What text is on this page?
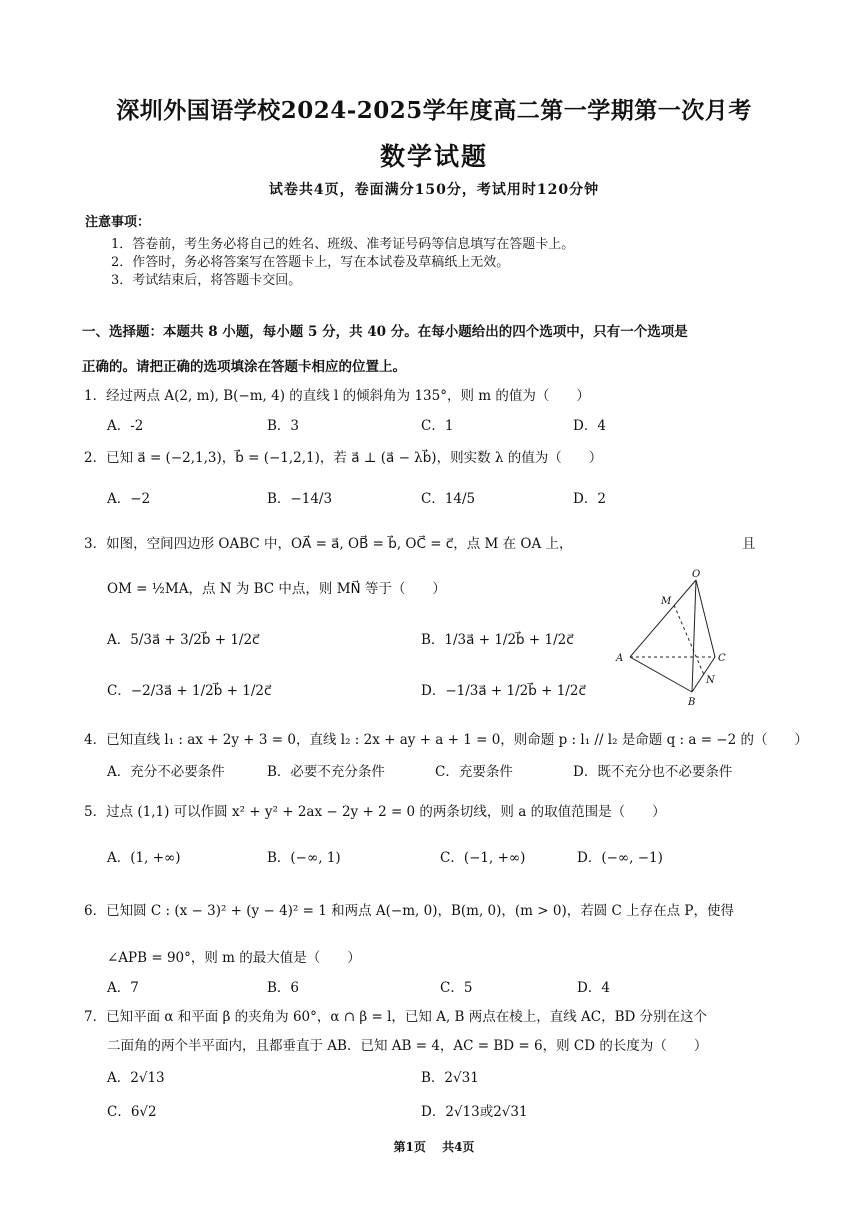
深圳外国语学校2024-2025学年度高二第一学期第一次月考
数学试题
试卷共4页，卷面满分150分，考试用时120分钟
注意事项：
1．答卷前，考生务必将自己的姓名、班级、准考证号码等信息填写在答题卡上。
2．作答时，务必将答案写在答题卡上，写在本试卷及草稿纸上无效。
3．考试结束后，将答题卡交回。
一、选择题：本题共 8 小题，每小题 5 分，共 40 分。在每小题给出的四个选项中，只有一个选项是
正确的。请把正确的选项填涂在答题卡相应的位置上。
1．经过两点 A(2, m), B(−m, 4) 的直线 l 的倾斜角为 135°，则 m 的值为（　　）
A．-2	B．3	C．1	D．4
2．已知 a⃗ = (−2,1,3)，b⃗ = (−1,2,1)，若 a⃗ ⊥ (a⃗ − λb⃗)，则实数 λ 的值为（　　）
A．−2	B．−14/3	C．14/5	D．2
3．如图，空间四边形 OABC 中，OA⃗ = a⃗, OB⃗ = b⃗, OC⃗ = c⃗，点 M 在 OA 上，	且
OM = ½MA，点 N 为 BC 中点，则 MN⃗ 等于（　　）
A．5/3a⃗ + 3/2b⃗ + 1/2c⃗	B．1/3a⃗ + 1/2b⃗ + 1/2c⃗
C．−2/3a⃗ + 1/2b⃗ + 1/2c⃗	D．−1/3a⃗ + 1/2b⃗ + 1/2c⃗
O
M
A	C
N
B
4．已知直线 l₁ : ax + 2y + 3 = 0，直线 l₂ : 2x + ay + a + 1 = 0，则命题 p : l₁ // l₂ 是命题 q : a = −2 的（　　）
A．充分不必要条件	B．必要不充分条件	C．充要条件	D．既不充分也不必要条件
5．过点 (1,1) 可以作圆 x² + y² + 2ax − 2y + 2 = 0 的两条切线，则 a 的取值范围是（　　）
A．(1, +∞)	B．(−∞, 1)	C．(−1, +∞)	D．(−∞, −1)
6．已知圆 C : (x − 3)² + (y − 4)² = 1 和两点 A(−m, 0)，B(m, 0)，(m > 0)，若圆 C 上存在点 P，使得
∠APB = 90°，则 m 的最大值是（　　）
A．7	B．6	C．5	D．4
7．已知平面 α 和平面 β 的夹角为 60°，α ∩ β = l，已知 A, B 两点在棱上，直线 AC，BD 分别在这个
二面角的两个半平面内，且都垂直于 AB．已知 AB = 4，AC = BD = 6，则 CD 的长度为（　　）
A．2√13	B．2√31
C．6√2	D．2√13或2√31
第1页　 共4页
